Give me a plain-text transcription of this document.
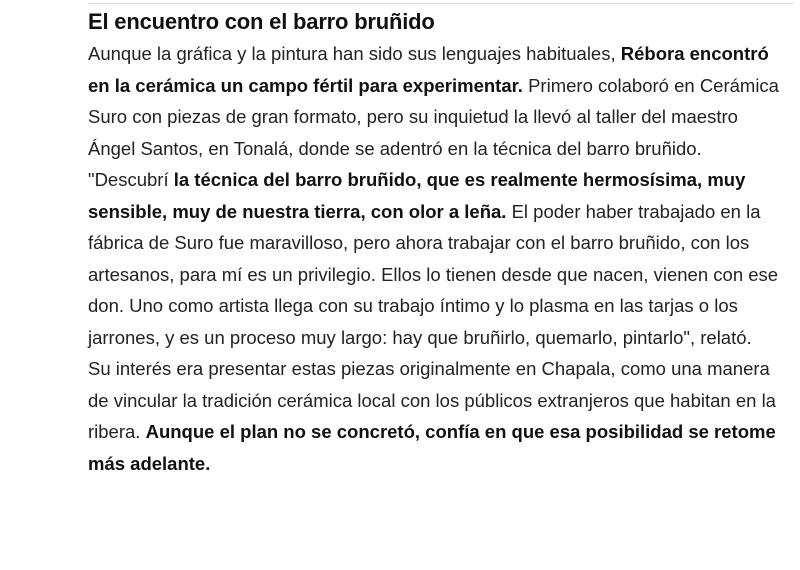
El encuentro con el barro bruñido

Aunque la gráfica y la pintura han sido sus lenguajes habituales, Rébora encontró en la cerámica un campo fértil para experimentar. Primero colaboró en Cerámica Suro con piezas de gran formato, pero su inquietud la llevó al taller del maestro Ángel Santos, en Tonalá, donde se adentró en la técnica del barro bruñido.

"Descubrí la técnica del barro bruñido, que es realmente hermosísima, muy sensible, muy de nuestra tierra, con olor a leña. El poder haber trabajado en la fábrica de Suro fue maravilloso, pero ahora trabajar con el barro bruñido, con los artesanos, para mí es un privilegio. Ellos lo tienen desde que nacen, vienen con ese don. Uno como artista llega con su trabajo íntimo y lo plasma en las tarjas o los jarrones, y es un proceso muy largo: hay que bruñirlo, quemarlo, pintarlo", relató.

Su interés era presentar estas piezas originalmente en Chapala, como una manera de vincular la tradición cerámica local con los públicos extranjeros que habitan en la ribera. Aunque el plan no se concretó, confía en que esa posibilidad se retome más adelante.
